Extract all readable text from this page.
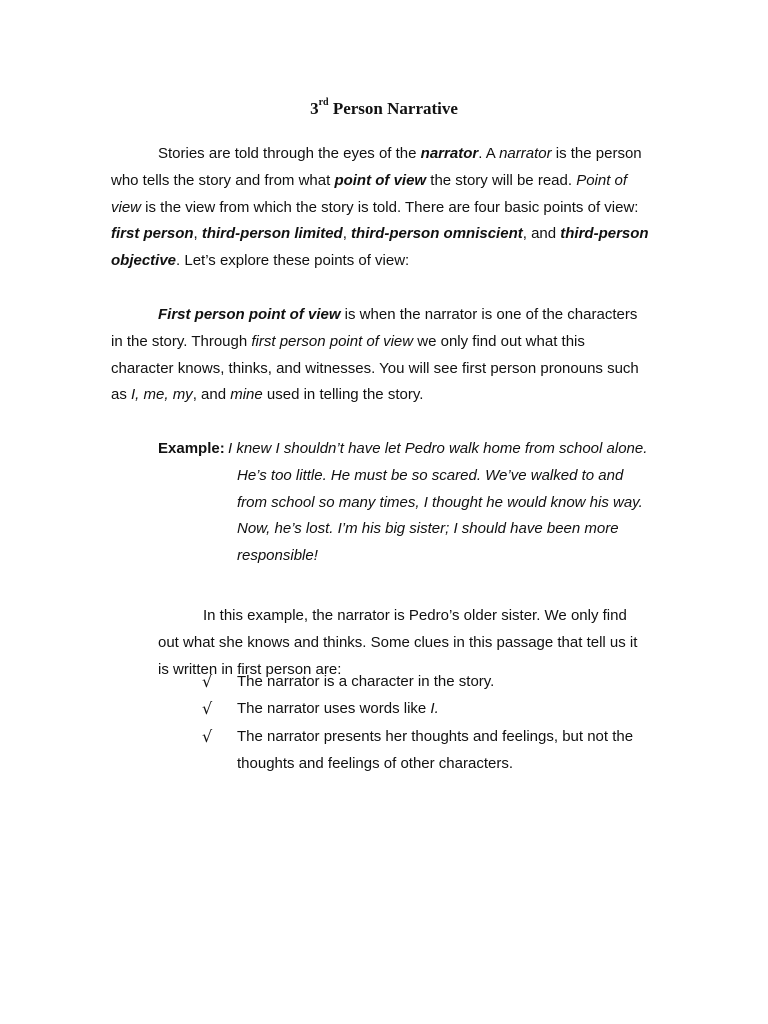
3rd Person Narrative

Stories are told through the eyes of the narrator. A narrator is the person who tells the story and from what point of view the story will be read. Point of view is the view from which the story is told. There are four basic points of view: first person, third-person limited, third-person omniscient, and third-person objective. Let’s explore these points of view:

First person point of view is when the narrator is one of the characters in the story. Through first person point of view we only find out what this character knows, thinks, and witnesses. You will see first person pronouns such as I, me, my, and mine used in telling the story.

Example: I knew I shouldn’t have let Pedro walk home from school alone.
He’s too little. He must be so scared. We’ve walked to and from school so many times, I thought he would know his way. Now, he’s lost. I’m his big sister; I should have been more responsible!

In this example, the narrator is Pedro’s older sister. We only find out what she knows and thinks. Some clues in this passage that tell us it is written in first person are:

√ The narrator is a character in the story.
√ The narrator uses words like I.
√ The narrator presents her thoughts and feelings, but not the thoughts and feelings of other characters.
